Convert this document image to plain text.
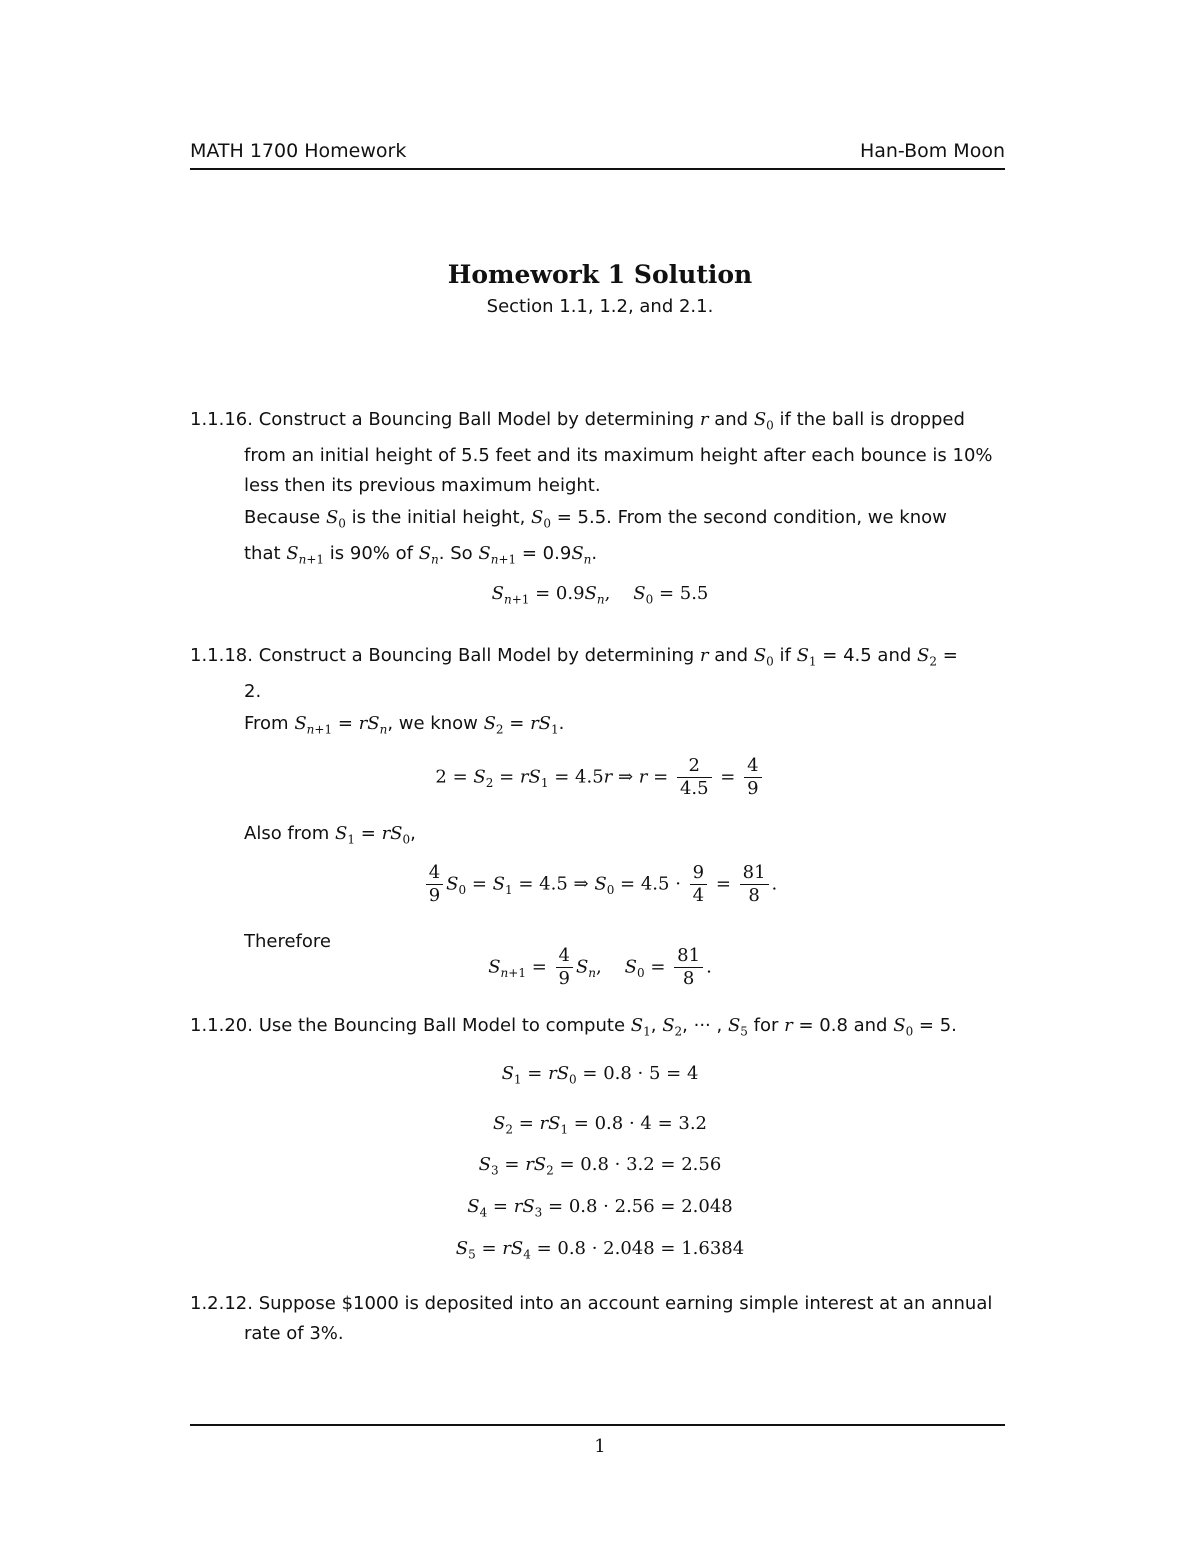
MATH 1700 Homework	Han-Bom Moon
Homework 1 Solution
Section 1.1, 1.2, and 2.1.
1.1.16. Construct a Bouncing Ball Model by determining r and $S_0$ if the ball is dropped
from an initial height of 5.5 feet and its maximum height after each bounce is 10%
less then its previous maximum height.
Because $S_0$ is the initial height, $S_0 = 5.5$. From the second condition, we know
that $S_{n+1}$ is 90% of $S_n$. So $S_{n+1} = 0.9S_n$.
$S_{n+1} = 0.9S_n$,    $S_0 = 5.5$
1.1.18. Construct a Bouncing Ball Model by determining r and $S_0$ if $S_1 = 4.5$ and $S_2$ =
2.
From $S_{n+1} = rS_n$, we know $S_2 = rS_1$.
$2 = S_2 = rS_1 = 4.5r$ ⇒ $r = \frac{2}{4.5} = \frac{4}{9}$
Also from $S_1 = rS_0$,
$\frac{4}{9} S_0 = S_1 = 4.5$ ⇒ $S_0 = 4.5 \cdot \frac{9}{4} = \frac{81}{8}$ .
Therefore
$S_{n+1} = \frac{4}{9} S_n$,    $S_0 = \frac{81}{8}$ .
1.1.20. Use the Bouncing Ball Model to compute $S_1$, $S_2$, ··· , $S_5$ for r = 0.8 and $S_0 = 5$.
$S_1 = rS_0 = 0.8 \cdot 5 = 4$
$S_2 = rS_1 = 0.8 \cdot 4 = 3.2$
$S_3 = rS_2 = 0.8 \cdot 3.2 = 2.56$
$S_4 = rS_3 = 0.8 \cdot 2.56 = 2.048$
$S_5 = rS_4 = 0.8 \cdot 2.048 = 1.6384$
1.2.12. Suppose $1000 is deposited into an account earning simple interest at an annual
rate of 3%.
1
